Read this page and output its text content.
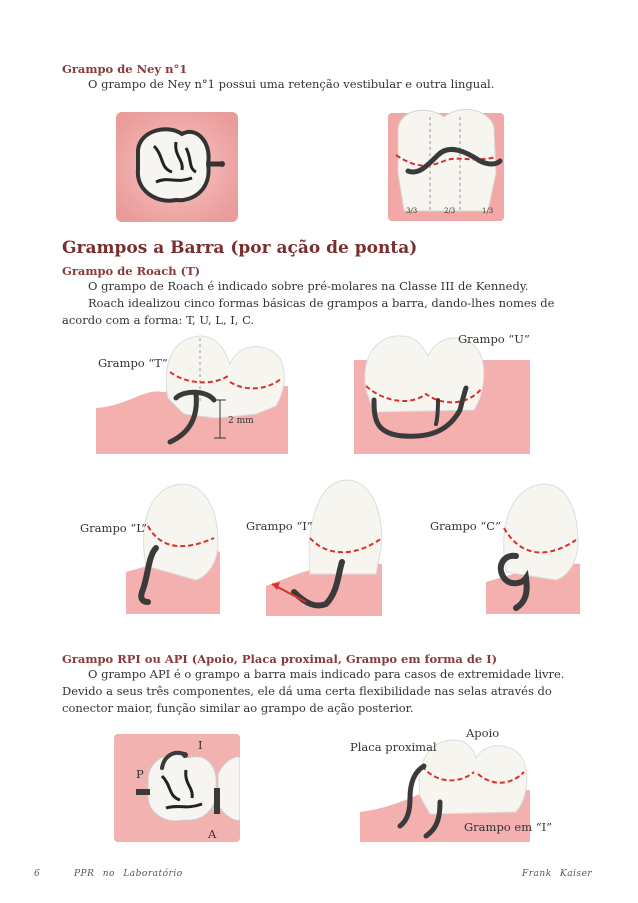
Grampo de Ney n°1
O grampo de Ney n°1 possui uma retenção vestibular e outra lingual.
3/3	2/3	1/3
Grampos a Barra (por ação de ponta)
Grampo de Roach (T)
O grampo de Roach é indicado sobre pré-molares na Classe III de Kennedy.
Roach idealizou cinco formas básicas de grampos a barra, dando-lhes nomes de acordo com a forma: T, U, L, I, C.
Grampo “T”
2 mm
Grampo “U”
Grampo “L”	Grampo “I”	Grampo “C”
Grampo RPI ou API (Apoio, Placa proximal, Grampo em forma de I)
O grampo API é o grampo a barra mais indicado para casos de extremidade livre. Devido a seus três componentes, ele dá uma certa flexibilidade nas selas através do conector maior, função similar ao grampo de ação posterior.
I
P
A
Apoio
Placa proximal
Grampo em “I”
6	PPR no Laboratório	Frank Kaiser
